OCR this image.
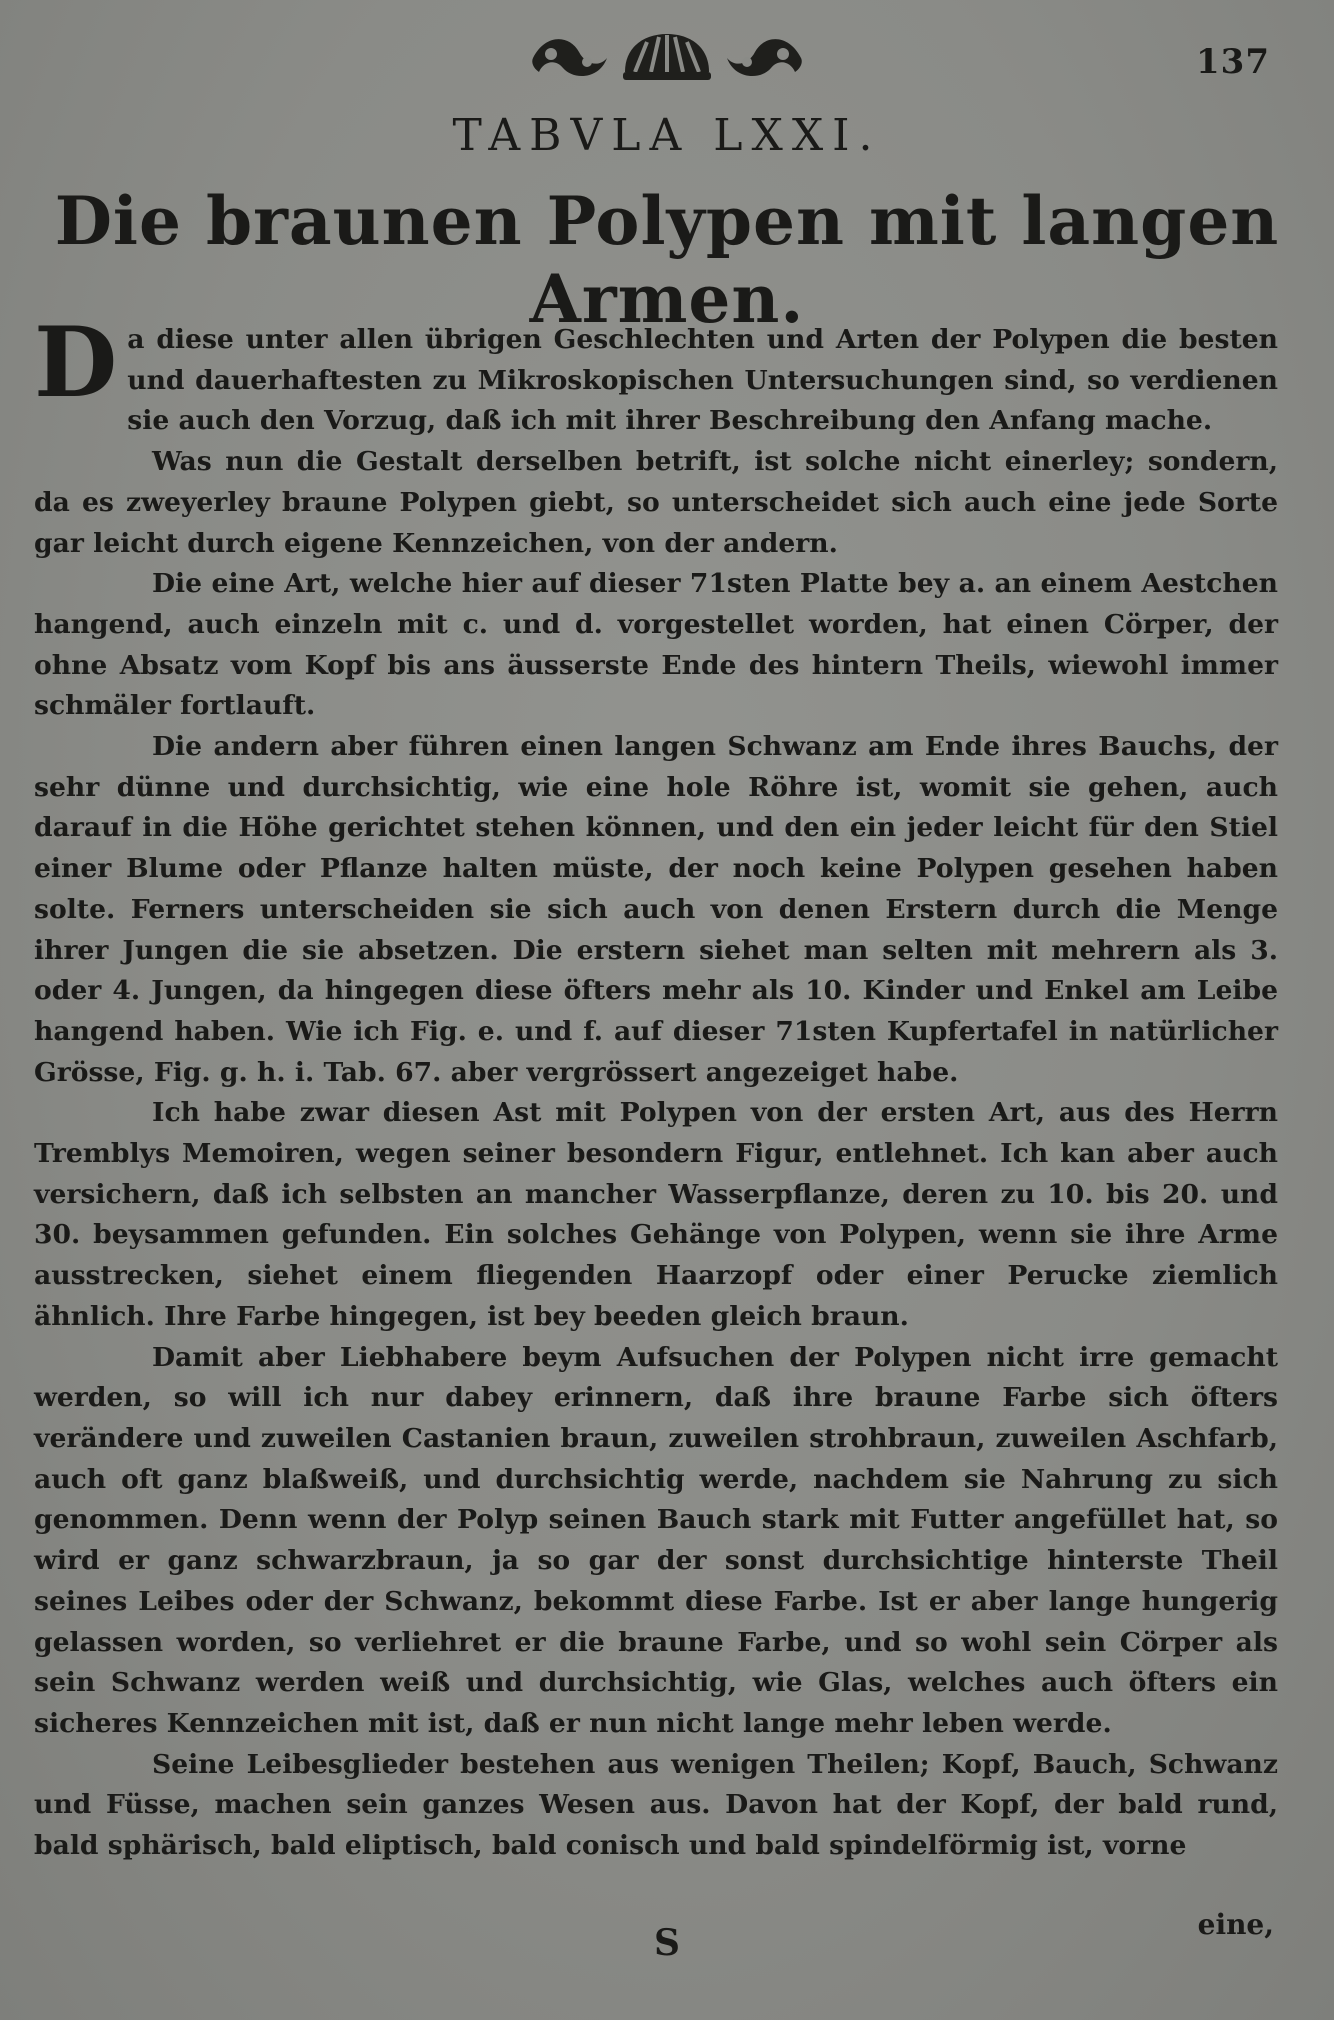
137
TABVLA LXXI.
Die braunen Polypen mit langen Armen.

Da diese unter allen übrigen Geschlechten und Arten der Polypen die besten und dauerhaftesten zu Mikroskopischen Untersuchungen sind, so verdienen sie auch den Vorzug, daß ich mit ihrer Beschreibung den Anfang mache.

Was nun die Gestalt derselben betrift, ist solche nicht einerley; sondern, da es zweyerley braune Polypen giebt, so unterscheidet sich auch eine jede Sorte gar leicht durch eigene Kennzeichen, von der andern.

Die eine Art, welche hier auf dieser 71sten Platte bey a. an einem Aestchen hangend, auch einzeln mit c. und d. vorgestellet worden, hat einen Cörper, der ohne Absatz vom Kopf bis ans äusserste Ende des hintern Theils, wiewohl immer schmäler fortlauft.

Die andern aber führen einen langen Schwanz am Ende ihres Bauchs, der sehr dünne und durchsichtig, wie eine hole Röhre ist, womit sie gehen, auch darauf in die Höhe gerichtet stehen können, und den ein jeder leicht für den Stiel einer Blume oder Pflanze halten müste, der noch keine Polypen gesehen haben solte. Ferners unterscheiden sie sich auch von denen Erstern durch die Menge ihrer Jungen die sie absetzen. Die erstern siehet man selten mit mehrern als 3. oder 4. Jungen, da hingegen diese öfters mehr als 10. Kinder und Enkel am Leibe hangend haben. Wie ich Fig. e. und f. auf dieser 71sten Kupfertafel in natürlicher Grösse, Fig. g. h. i. Tab. 67. aber vergrössert angezeiget habe.

Ich habe zwar diesen Ast mit Polypen von der ersten Art, aus des Herrn Tremblys Memoiren, wegen seiner besondern Figur, entlehnet. Ich kan aber auch versichern, daß ich selbsten an mancher Wasserpflanze, deren zu 10. bis 20. und 30. beysammen gefunden. Ein solches Gehänge von Polypen, wenn sie ihre Arme ausstrecken, siehet einem fliegenden Haarzopf oder einer Perucke ziemlich ähnlich. Ihre Farbe hingegen, ist bey beeden gleich braun.

Damit aber Liebhabere beym Aufsuchen der Polypen nicht irre gemacht werden, so will ich nur dabey erinnern, daß ihre braune Farbe sich öfters verändere und zuweilen Castanien braun, zuweilen strohbraun, zuweilen Aschfarb, auch oft ganz blaßweiß, und durchsichtig werde, nachdem sie Nahrung zu sich genommen. Denn wenn der Polyp seinen Bauch stark mit Futter angefüllet hat, so wird er ganz schwarzbraun, ja so gar der sonst durchsichtige hinterste Theil seines Leibes oder der Schwanz, bekommt diese Farbe. Ist er aber lange hungerig gelassen worden, so verliehret er die braune Farbe, und so wohl sein Cörper als sein Schwanz werden weiß und durchsichtig, wie Glas, welches auch öfters ein sicheres Kennzeichen mit ist, daß er nun nicht lange mehr leben werde.

Seine Leibesglieder bestehen aus wenigen Theilen; Kopf, Bauch, Schwanz und Füsse, machen sein ganzes Wesen aus. Davon hat der Kopf, der bald rund, bald sphärisch, bald eliptisch, bald conisch und bald spindelförmig ist, vorne

S	eine,
